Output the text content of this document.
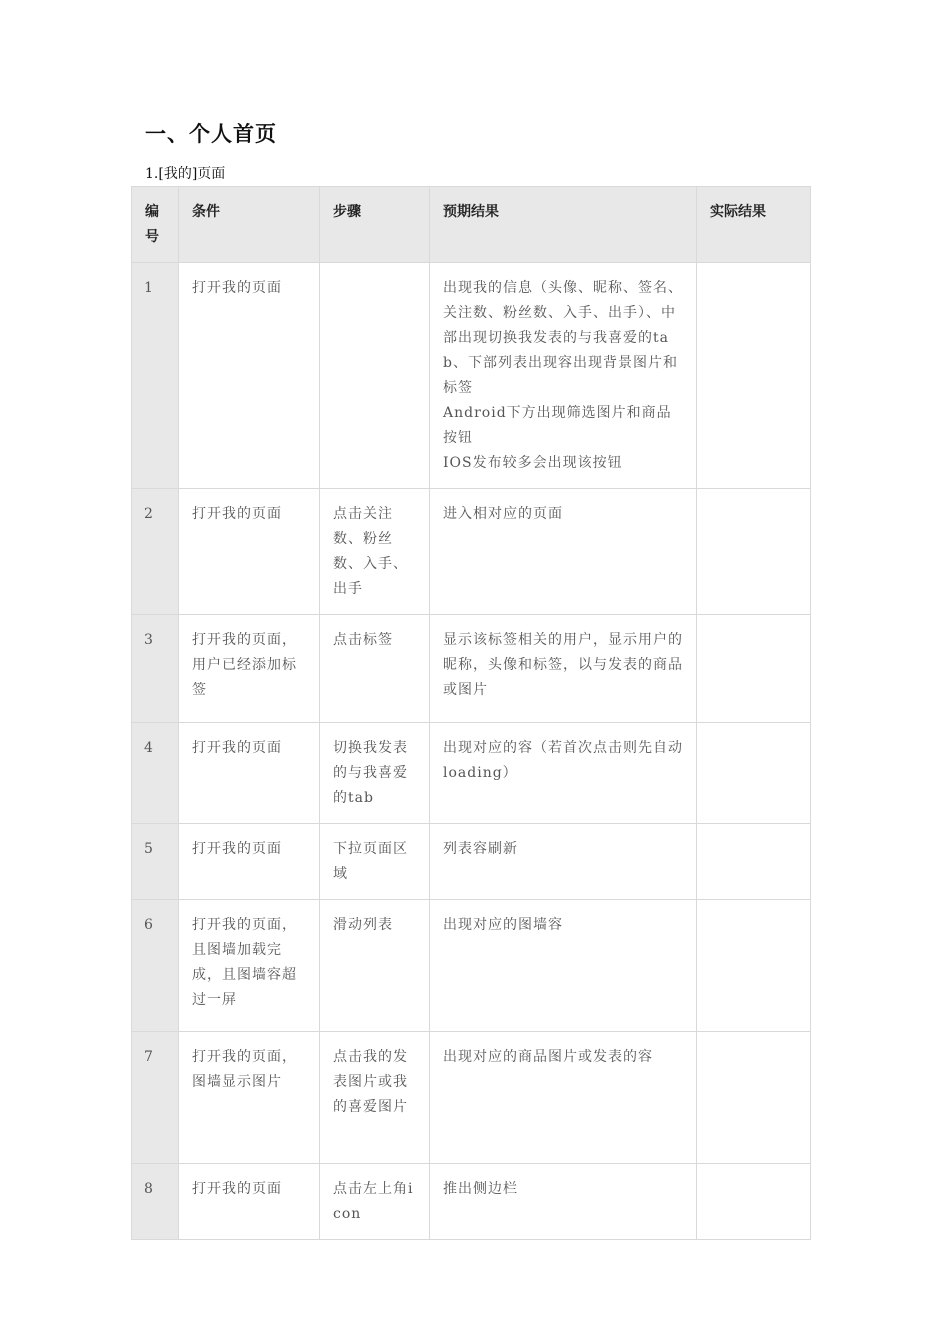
一、个人首页

1.[我的]页面

编号	条件	步骤	预期结果	实际结果
1	打开我的页面		出现我的信息（头像、昵称、签名、关注数、粉丝数、入手、出手）、中部出现切换我发表的与我喜爱的tab、下部列表出现容出现背景图片和标签
Android下方出现筛选图片和商品按钮
IOS发布较多会出现该按钮	

2	打开我的页面	点击关注数、粉丝数、入手、出手	进入相对应的页面	

3	打开我的页面，用户已经添加标签	点击标签	显示该标签相关的用户，显示用户的昵称，头像和标签，以与发表的商品或图片	

4	打开我的页面	切换我发表的与我喜爱的tab	出现对应的容（若首次点击则先自动loading）	

5	打开我的页面	下拉页面区域	列表容刷新	

6	打开我的页面，且图墙加载完成，且图墙容超过一屏	滑动列表	出现对应的图墙容	

7	打开我的页面，图墙显示图片	点击我的发表图片或我的喜爱图片	出现对应的商品图片或发表的容	

8	打开我的页面	点击左上角icon	推出侧边栏	
